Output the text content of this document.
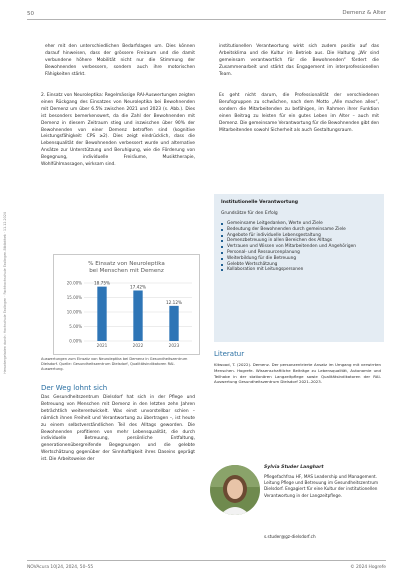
Heruntergeladen durch: Hochschule Esslingen · Fachhochschule Esslingen-Bibliothek · 11.12.2024
50	Demenz & Alter
eher mit den unterschiedlichen Bedarfslagen um. Dies können darauf hinweisen, dass der grössere Freiraum und die damit verbundene höhere Mobilität nicht nur die Stimmung der Bewohnenden verbessern, sondern auch ihre motorischen Fähigkeiten stärkt.
2. Einsatz von Neuroleptika: Regelmässige RAI-Auswertungen zeigten einen Rückgang des Einsatzes von Neuroleptika bei Bewohnenden mit Demenz um über 6.5% zwischen 2021 und 2023 (s. Abb.). Dies ist besonders bemerkenswert, da die Zahl der Bewohnenden mit Demenz in diesem Zeitraum stieg und inzwischen über 90% der Bewohnenden von einer Demenz betroffen sind (kognitive Leistungsfähigkeit: CPS ≥2). Dies zeigt eindrücklich, dass die Lebensqualität der Bewohnenden verbessert wurde und alternative Ansätze zur Unterstützung und Beruhigung, wie die Förderung von Begegnung, individuelle Freiräume, Musiktherapie, Wohlfühlmassagen, wirksam sind.
% Einsatz von Neuroleptika
bei Menschen mit Demenz
0.00%
5.00%
10.00%
15.00%
20.00%	18.75%
2021
17.42%
2022
12.12%
2023
Auswertungen zum Einsatz von Neuroleptika bei Demenz in Gesundheitszentrum Dielsdorf. Quelle: Gesundheitszentrum Dielsdorf, Qualitätsindikatoren RAI-Auswertung.
Der Weg lohnt sich
Das Gesundheitszentrum Dielsdorf hat sich in der Pflege und Betreuung von Menschen mit Demenz in den letzten zehn Jahren beträchtlich weiterentwickelt. Was einst unvorstellbar schien – nämlich ihnen Freiheit und Verantwortung zu übertragen –, ist heute zu einem selbstverständlichen Teil des Alltags geworden. Die Bewohnenden profitieren von mehr Lebensqualität, die durch individuelle Betreuung, persönliche Entfaltung, generationenübergreifende Begegnungen und die gelebte Wertschätzung gegenüber der Sinnhaftigkeit ihres Daseins geprägt ist. Die Arbeitsweise der
institutionellen Verantwortung wirkt sich zudem positiv auf das Arbeitsklima und die Kultur im Betrieb aus. Die Haltung „Wir sind gemeinsam verantwortlich für die Bewohnenden“ fördert die Zusammenarbeit und stärkt das Engagement im interprofessionellen Team.
Es geht nicht darum, die Professionalität der verschiedenen Berufsgruppen zu schwächen, nach dem Motto „Alle machen alles“, sondern die Mitarbeitenden zu befähigen, im Rahmen ihrer Funktion einen Beitrag zu leisten für ein gutes Leben im Alter – auch mit Demenz. Die gemeinsame Verantwortung für die Bewohnenden gibt den Mitarbeitenden sowohl Sicherheit als auch Gestaltungsraum.
Institutionelle Verantwortung
Grundsätze für den Erfolg
Gemeinsame Leitgedanken, Werte und Ziele
Bedeutung der Bewohnenden durch gemeinsame Ziele
Angebote für individuelle Lebensgestaltung
Demenzbetreuung in allen Bereichen des Alltags
Vertrauen und Wissen von Mitarbeitenden und Angehörigen
Personal- und Ressourcenplanung
Weiterbildung für die Betreuung
Gelebte Wertschätzung
Kollaboration mit Leitungspersonen
Literatur
Kitwood, T. (2022). Demenz. Der personzentrierte Ansatz im Umgang mit verwirrten Menschen. Hogrefe. Wissenschaftliche Beiträge zu Lebensqualität, Autonomie und Teilhabe in der stationären Langzeitpflege sowie Qualitätsindikatoren der RAI-Auswertung Gesundheitszentrum Dielsdorf 2021–2023.
Sylvia Studer Langhart
Pflegefachfrau HF, MAS Leadership und Management. Leitung Pflege und Betreuung im Gesundheitszentrum Dielsdorf. Engagiert für eine Kultur der institutionellen Verantwortung in der Langzeitpflege.
s.studer@gz-dielsdorf.ch
NOVAcura 10|24, 2024, 50–55	© 2024 Hogrefe
